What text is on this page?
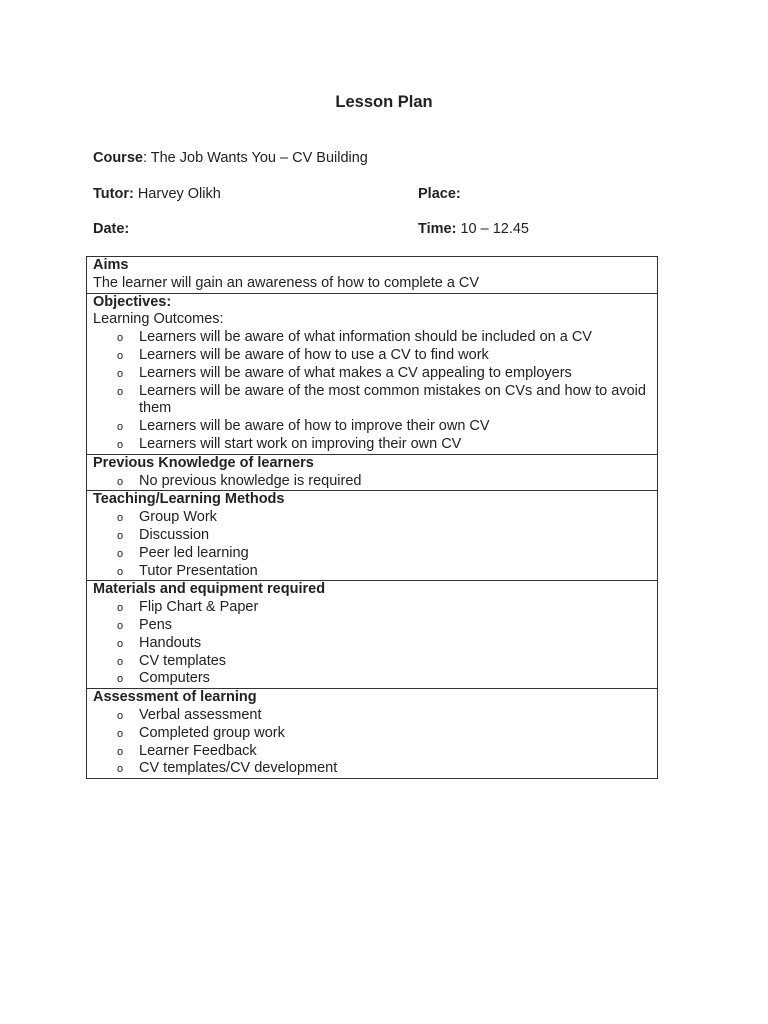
Lesson Plan
Course: The Job Wants You – CV Building
Tutor: Harvey Olikh	Place:
Date:	Time: 10 – 12.45
Aims
The learner will gain an awareness of how to complete a CV
Objectives:
Learning Outcomes:
o Learners will be aware of what information should be included on a CV
o Learners will be aware of how to use a CV to find work
o Learners will be aware of what makes a CV appealing to employers
o Learners will be aware of the most common mistakes on CVs and how to avoid them
o Learners will be aware of how to improve their own CV
o Learners will start work on improving their own CV
Previous Knowledge of learners
o No previous knowledge is required
Teaching/Learning Methods
o Group Work
o Discussion
o Peer led learning
o Tutor Presentation
Materials and equipment required
o Flip Chart & Paper
o Pens
o Handouts
o CV templates
o Computers
Assessment of learning
o Verbal assessment
o Completed group work
o Learner Feedback
o CV templates/CV development
